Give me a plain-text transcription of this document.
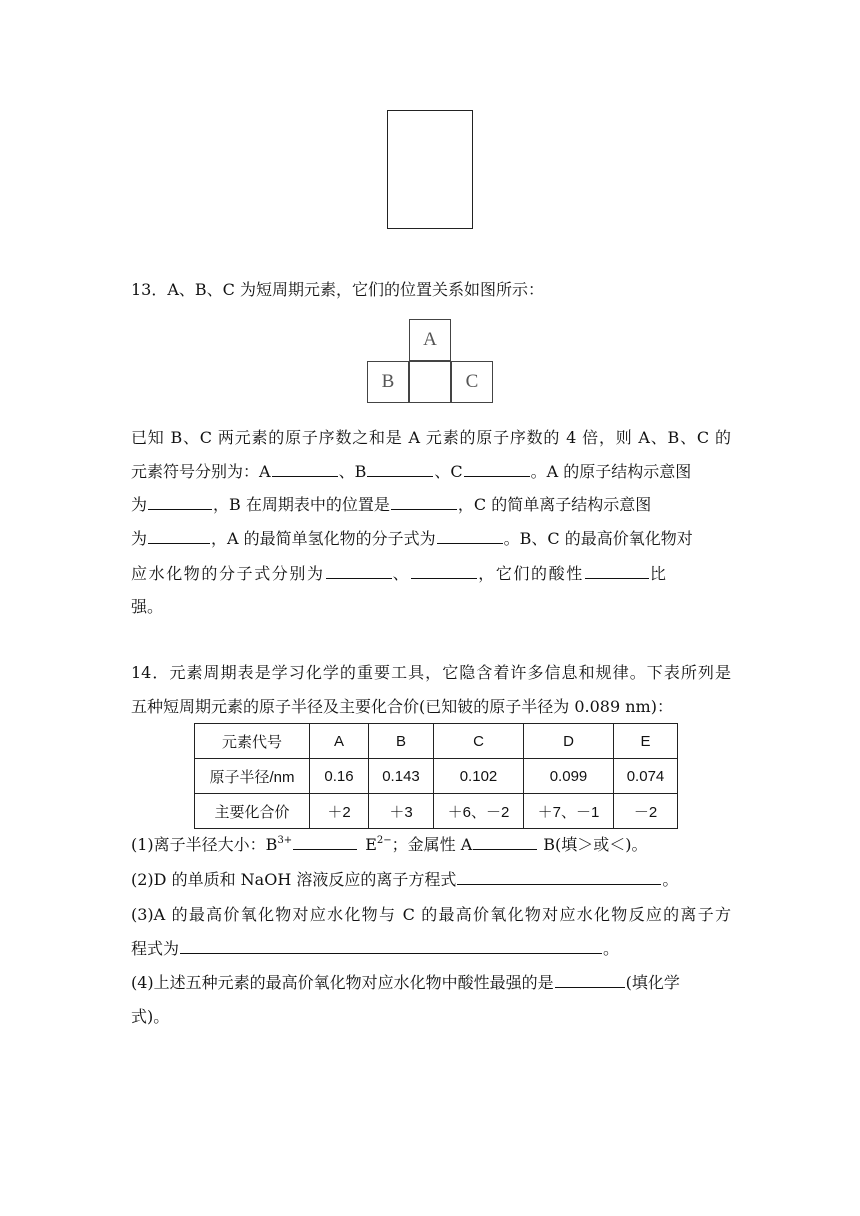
13．A、B、C 为短周期元素，它们的位置关系如图所示：
A
B	C
已知 B、C 两元素的原子序数之和是 A 元素的原子序数的 4 倍，则 A、B、C 的
元素符号分别为：A	、B	、C	。A 的原子结构示意图
为	，B 在周期表中的位置是	，C 的简单离子结构示意图
为	，A 的最简单氢化物的分子式为	。B、C 的最高价氧化物对
应水化物的分子式分别为	、	，它们的酸性	比
强。
14．元素周期表是学习化学的重要工具，它隐含着许多信息和规律。下表所列是
五种短周期元素的原子半径及主要化合价(已知铍的原子半径为 0.089 nm)：
元素代号	A	B	C	D	E
原子半径/nm	0.16	0.143	0.102	0.099	0.074
主要化合价	＋2	＋3	＋6、－2	＋7、－1	－2
(1)离子半径大小：$B^{3+}$	$E^{2-}$；金属性 A	B(填＞或＜)。
(2)D 的单质和 NaOH 溶液反应的离子方程式	。
(3)A 的最高价氧化物对应水化物与 C 的最高价氧化物对应水化物反应的离子方
程式为	。
(4)上述五种元素的最高价氧化物对应水化物中酸性最强的是	(填化学
式)。
